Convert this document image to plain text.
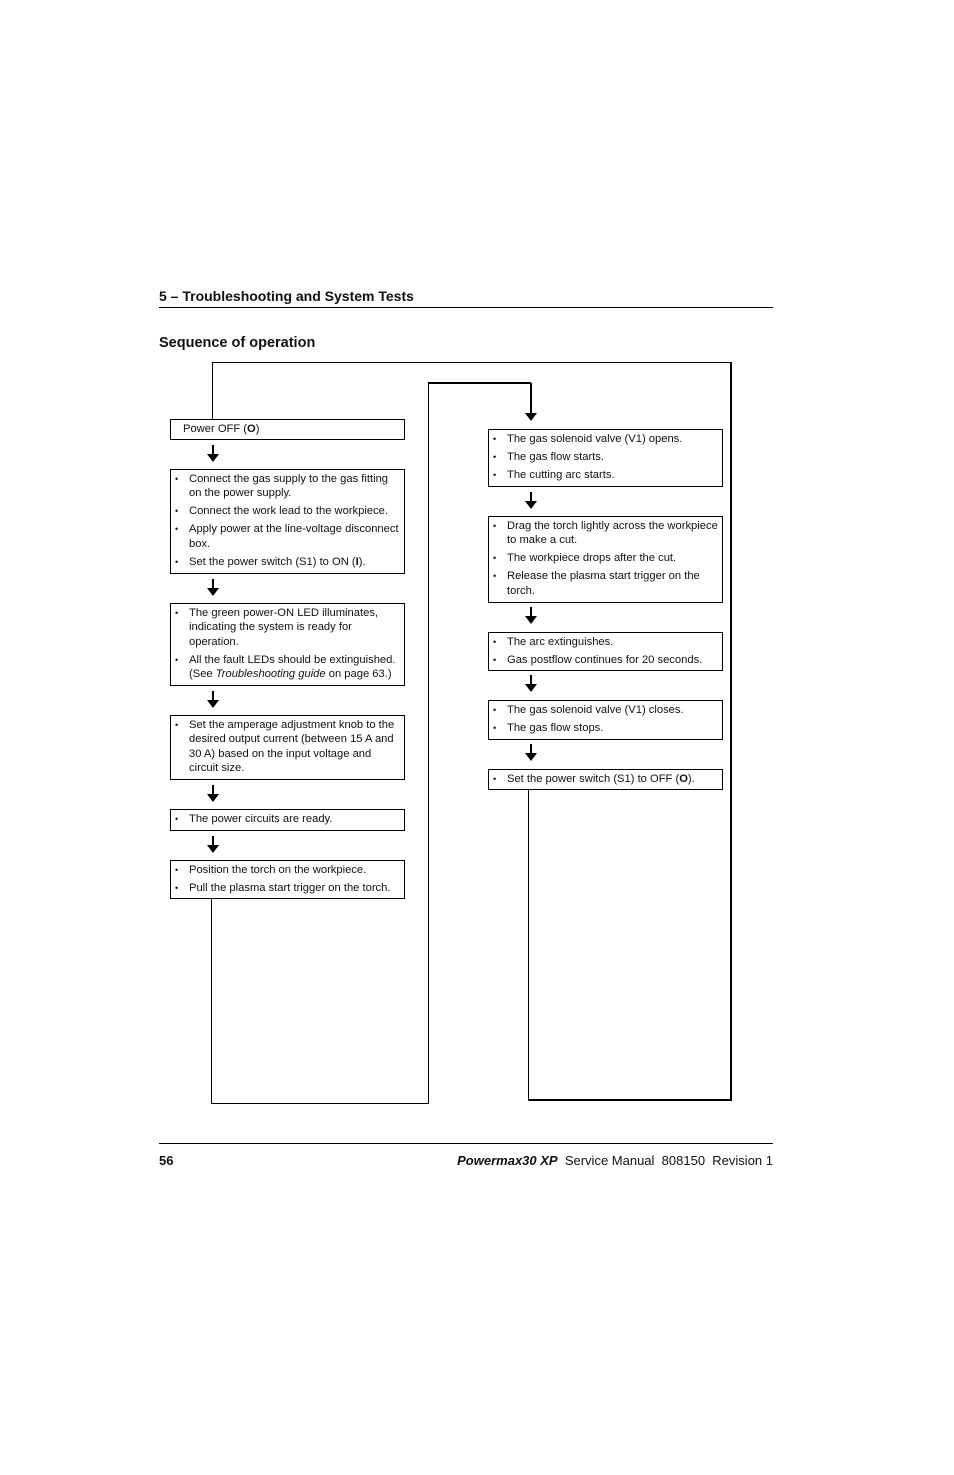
5 – Troubleshooting and System Tests
Sequence of operation
Power OFF (O)
• Connect the gas supply to the gas fitting on the power supply.
• Connect the work lead to the workpiece.
• Apply power at the line-voltage disconnect box.
• Set the power switch (S1) to ON (I).
• The green power-ON LED illuminates, indicating the system is ready for operation.
• All the fault LEDs should be extinguished. (See Troubleshooting guide on page 63.)
• Set the amperage adjustment knob to the desired output current (between 15 A and 30 A) based on the input voltage and circuit size.
• The power circuits are ready.
• Position the torch on the workpiece.
• Pull the plasma start trigger on the torch.
• The gas solenoid valve (V1) opens.
• The gas flow starts.
• The cutting arc starts.
• Drag the torch lightly across the workpiece to make a cut.
• The workpiece drops after the cut.
• Release the plasma start trigger on the torch.
• The arc extinguishes.
• Gas postflow continues for 20 seconds.
• The gas solenoid valve (V1) closes.
• The gas flow stops.
• Set the power switch (S1) to OFF (O).
56	Powermax30 XP Service Manual 808150 Revision 1
